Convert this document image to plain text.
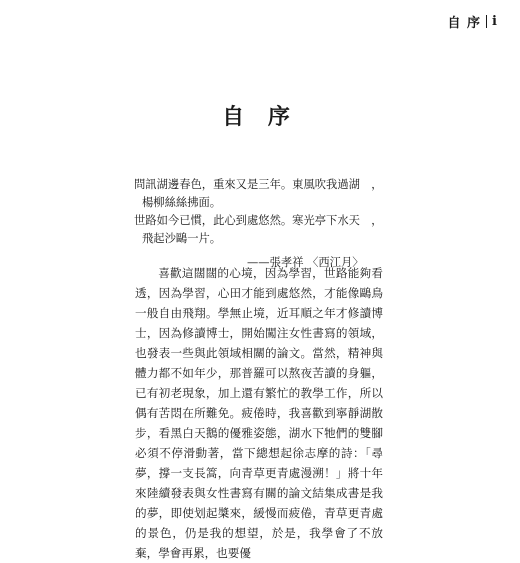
自 序 i
自 序
問訊湖邊春色，重來又是三年。東風吹我過湖　，
楊柳絲絲拂面。
世路如今已慣，此心到處悠然。寒光亭下水天　，
飛起沙鷗一片。
——張孝祥 〈西江月〉
喜歡這闊闊的心境，因為學習，世路能夠看透，因為學習，心田才能到處悠然，才能像鷗鳥一般自由飛翔。學無止境，近耳順之年才修讀博士，因為修讀博士，開始闖注女性書寫的領域，也發表一些與此領域相關的論文。當然，精神與體力都不如年少，那普羅可以熬夜苦讀的身軀，已有初老現象，加上還有繁忙的教學工作，所以偶有苦悶在所難免。疲倦時，我喜歡到寧靜湖散步，看黑白天鵝的優雅姿態，湖水下牠們的雙腳必須不停滑動著，當下總想起徐志摩的詩：「尋夢，撐一支長篙，向青草更青處漫溯！」將十年來陸續發表與女性書寫有關的論文結集成書是我的夢，即使划起槳來，緩慢而疲倦，青草更青處的景色，仍是我的想望，於是，我學會了不放棄，學會再累，也要優
